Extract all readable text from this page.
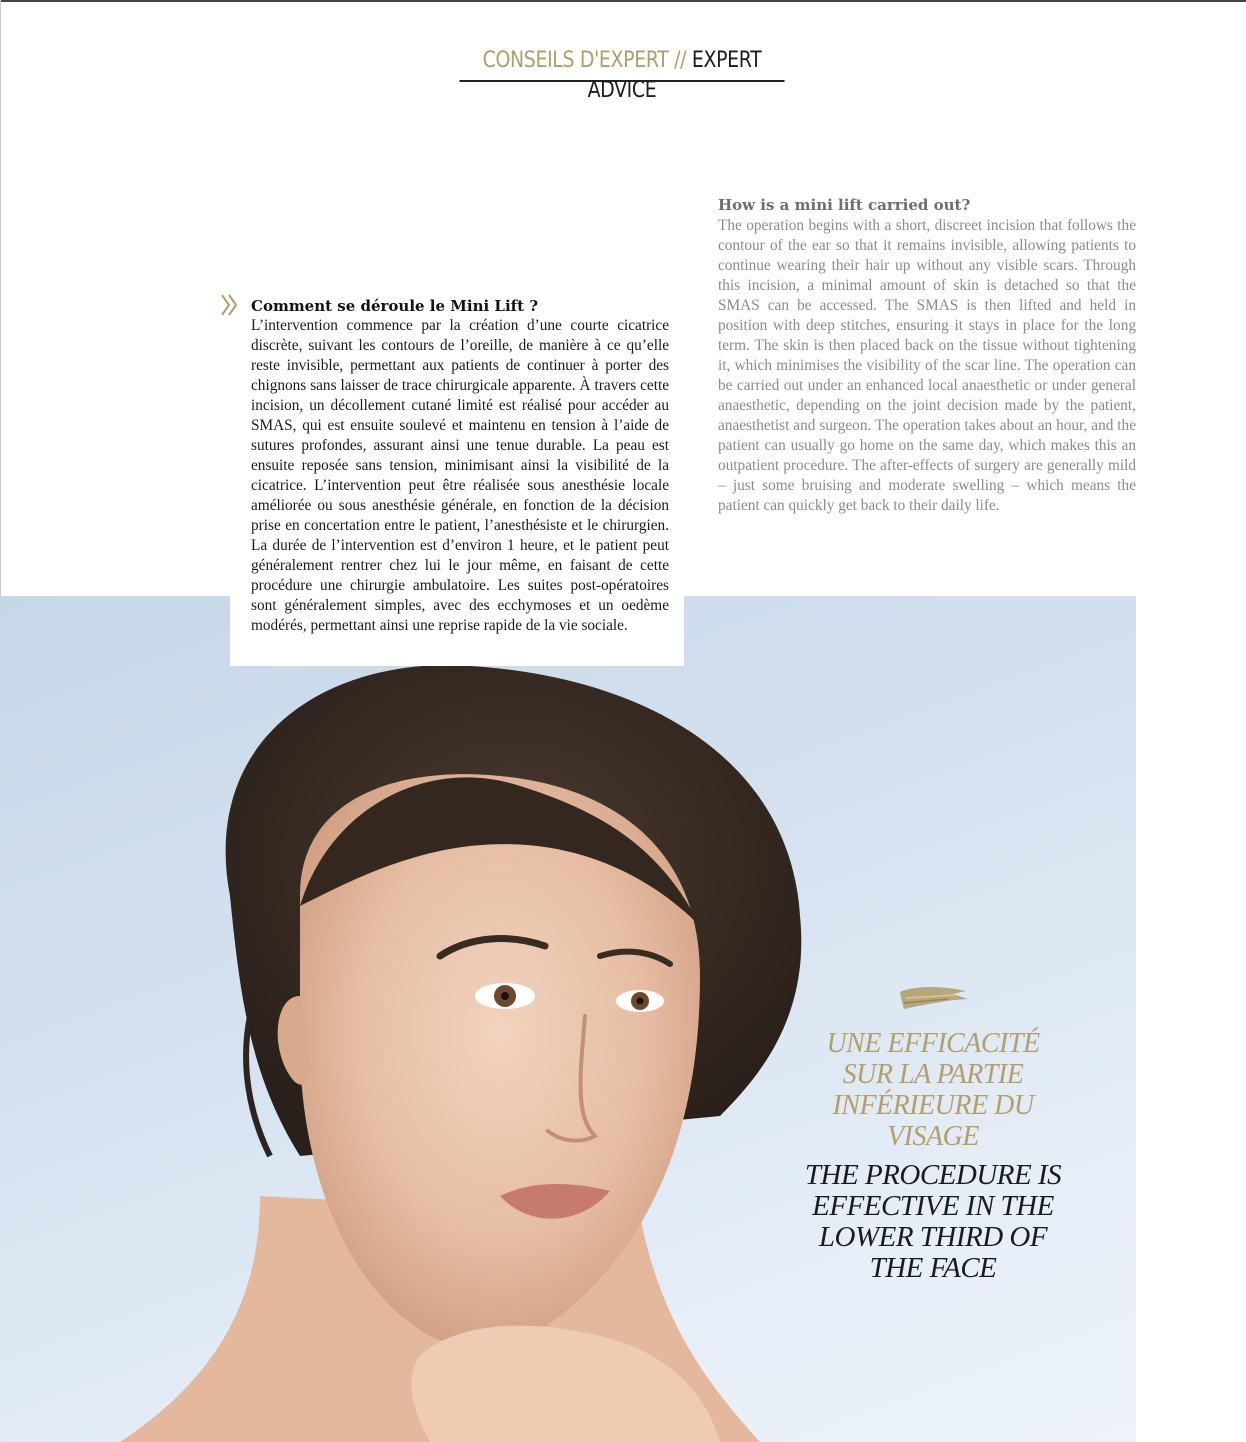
CONSEILS D'EXPERT // EXPERT ADVICE
Comment se déroule le Mini Lift ?

L’intervention commence par la création d’une courte cicatrice discrète, suivant les contours de l’oreille, de manière à ce qu’elle reste invisible, permettant aux patients de continuer à porter des chignons sans laisser de trace chirurgicale apparente. À travers cette incision, un décollement cutané limité est réalisé pour accéder au SMAS, qui est ensuite soulevé et maintenu en tension à l’aide de sutures profondes, assurant ainsi une tenue durable. La peau est ensuite reposée sans tension, minimisant ainsi la visibilité de la cicatrice. L’intervention peut être réalisée sous anesthésie locale améliorée ou sous anesthésie générale, en fonction de la décision prise en concertation entre le patient, l’anesthésiste et le chirurgien. La durée de l’intervention est d’environ 1 heure, et le patient peut généralement rentrer chez lui le jour même, en faisant de cette procédure une chirurgie ambulatoire. Les suites post-opératoires sont généralement simples, avec des ecchymoses et un oedème modérés, permettant ainsi une reprise rapide de la vie sociale.

How is a mini lift carried out?

The operation begins with a short, discreet incision that follows the contour of the ear so that it remains invisible, allowing patients to continue wearing their hair up without any visible scars. Through this incision, a minimal amount of skin is detached so that the SMAS can be accessed. The SMAS is then lifted and held in position with deep stitches, ensuring it stays in place for the long term. The skin is then placed back on the tissue without tightening it, which minimises the visibility of the scar line. The operation can be carried out under an enhanced local anaesthetic or under general anaesthetic, depending on the joint decision made by the patient, anaesthetist and surgeon. The operation takes about an hour, and the patient can usually go home on the same day, which makes this an outpatient procedure. The after-effects of surgery are generally mild – just some bruising and moderate swelling – which means the patient can quickly get back to their daily life.

UNE EFFICACITÉ SUR LA PARTIE INFÉRIEURE DU VISAGE
THE PROCEDURE IS EFFECTIVE IN THE LOWER THIRD OF THE FACE
